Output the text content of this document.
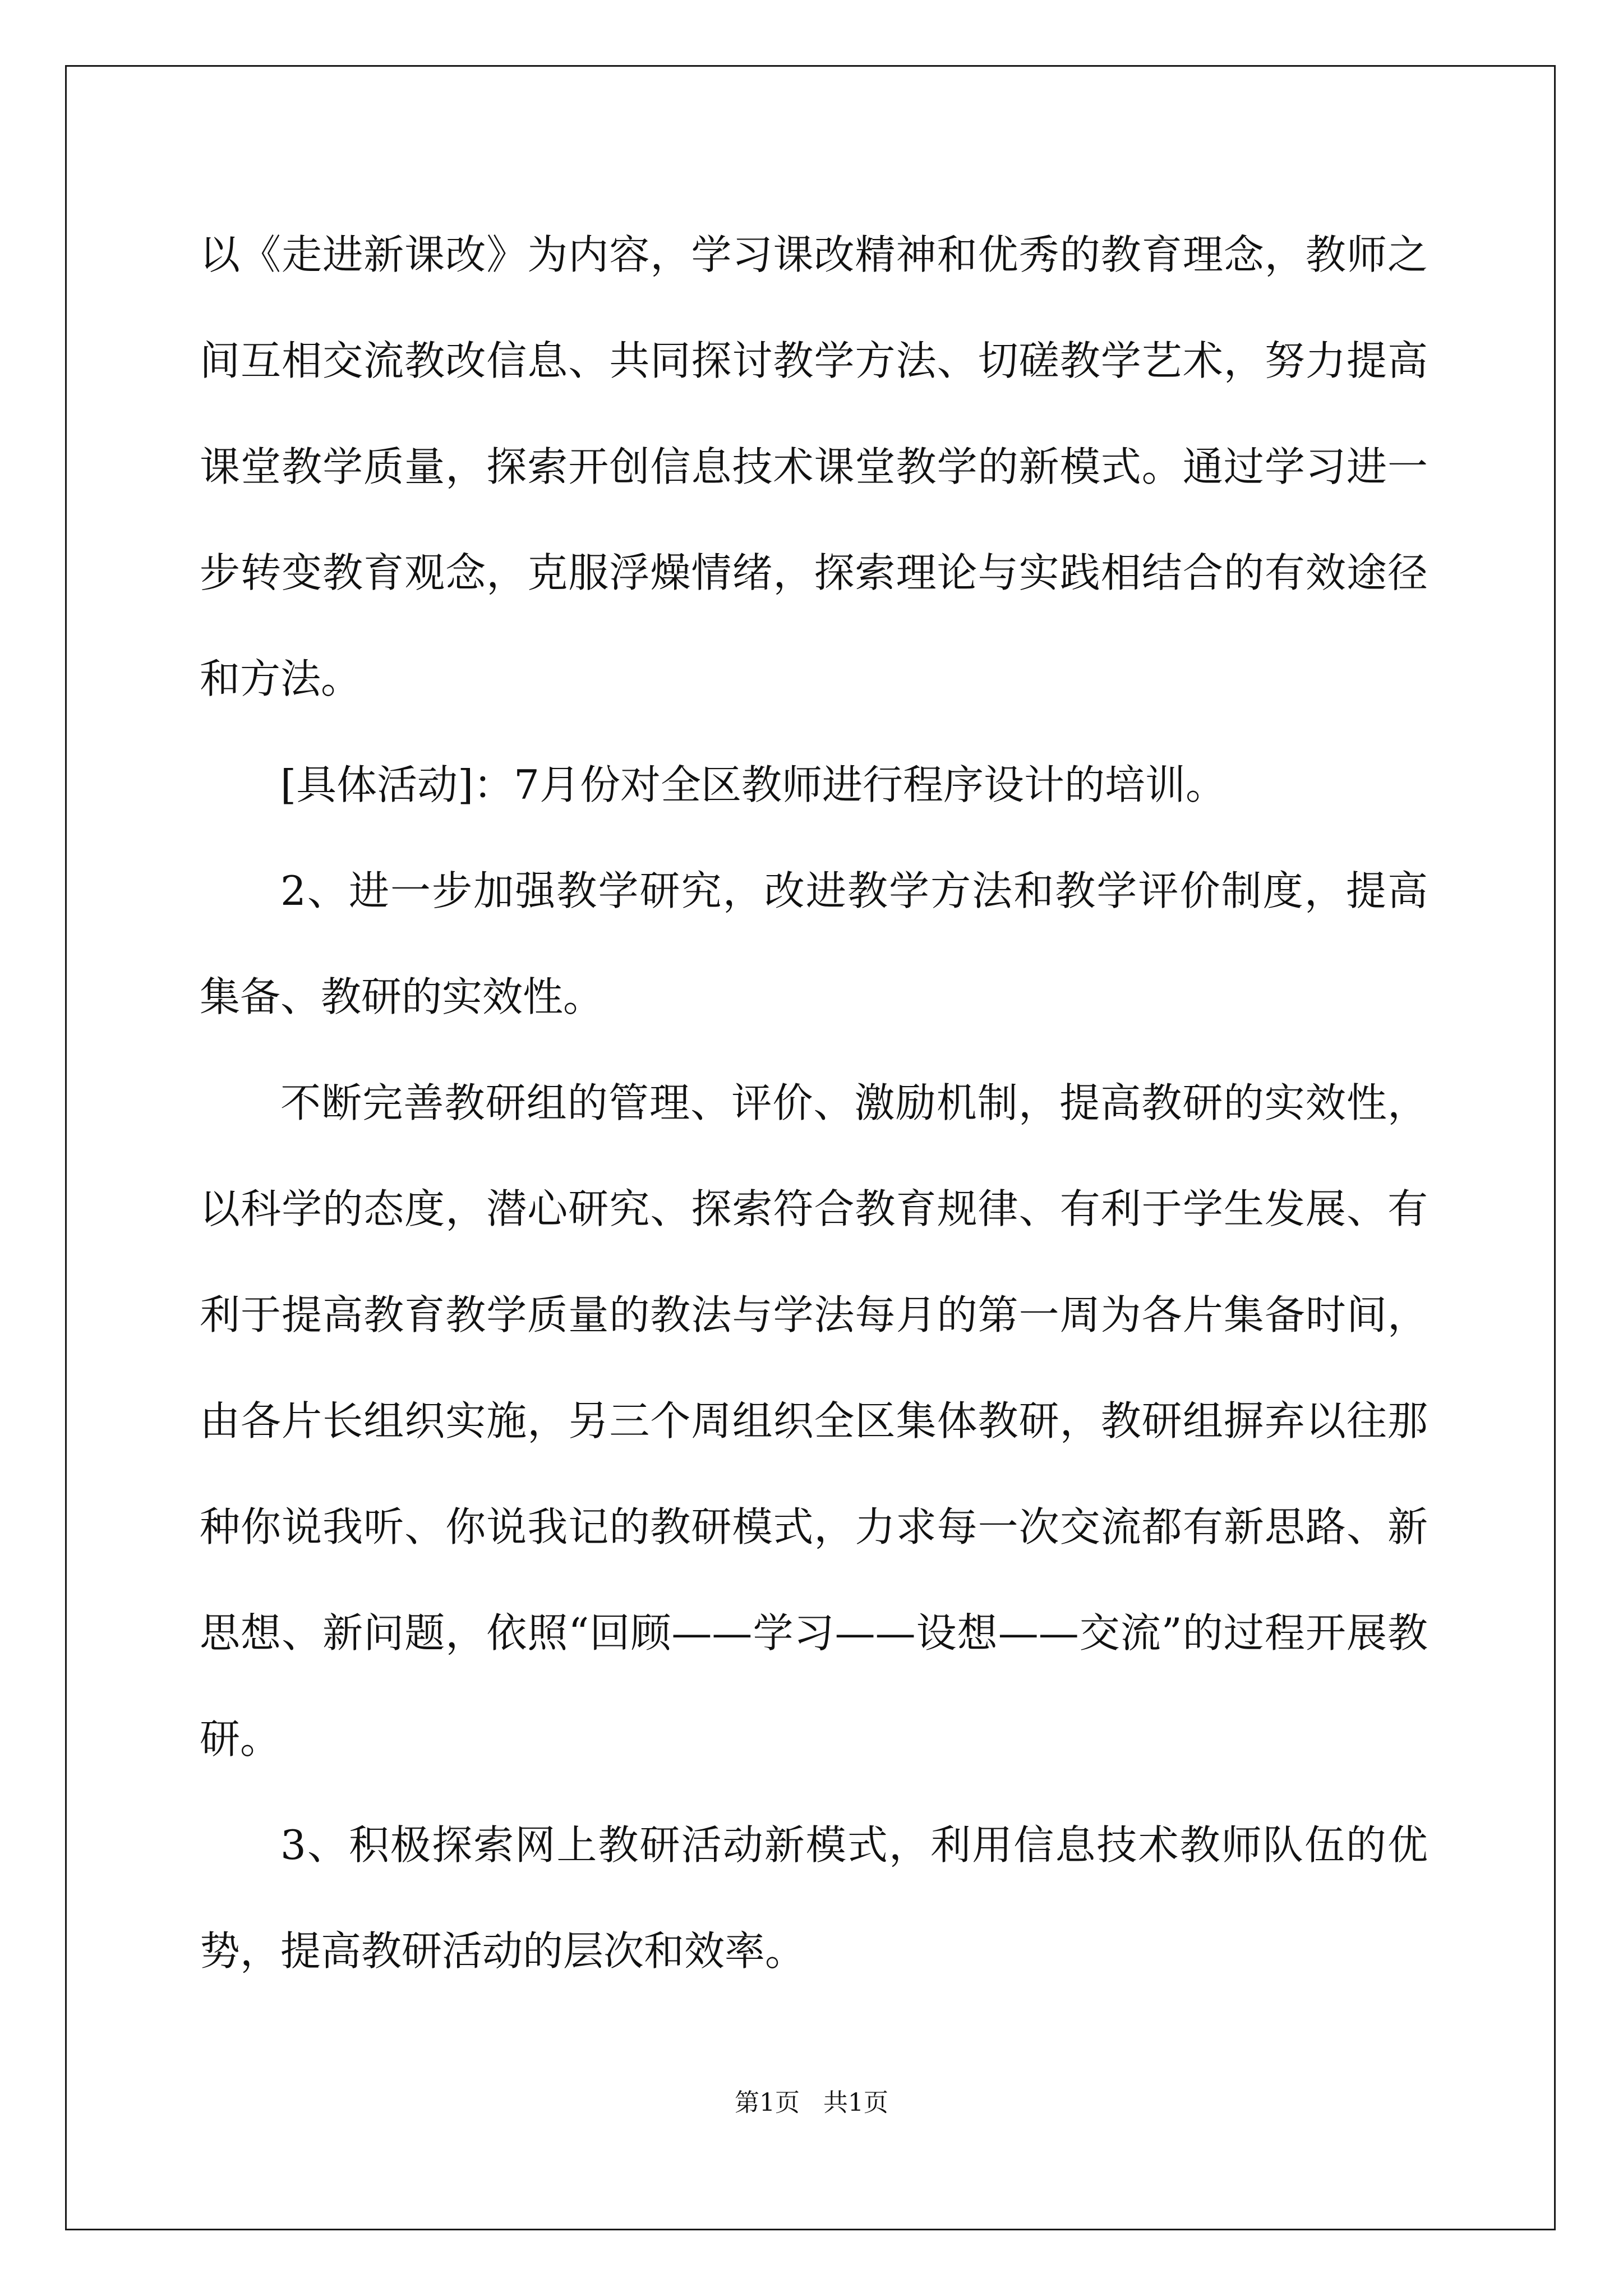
以《走进新课改》为内容，学习课改精神和优秀的教育理念，教师之间互相交流教改信息、共同探讨教学方法、切磋教学艺术，努力提高课堂教学质量，探索开创信息技术课堂教学的新模式。通过学习进一步转变教育观念，克服浮燥情绪，探索理论与实践相结合的有效途径和方法。

[具体活动]：7月份对全区教师进行程序设计的培训。

2、进一步加强教学研究，改进教学方法和教学评价制度，提高集备、教研的实效性。

不断完善教研组的管理、评价、激励机制，提高教研的实效性，以科学的态度，潜心研究、探索符合教育规律、有利于学生发展、有利于提高教育教学质量的教法与学法每月的第一周为各片集备时间，由各片长组织实施，另三个周组织全区集体教研，教研组摒弃以往那种你说我听、你说我记的教研模式，力求每一次交流都有新思路、新思想、新问题，依照“回顾——学习——设想——交流”的过程开展教研。

3、积极探索网上教研活动新模式，利用信息技术教师队伍的优势，提高教研活动的层次和效率。

第1页   共1页
